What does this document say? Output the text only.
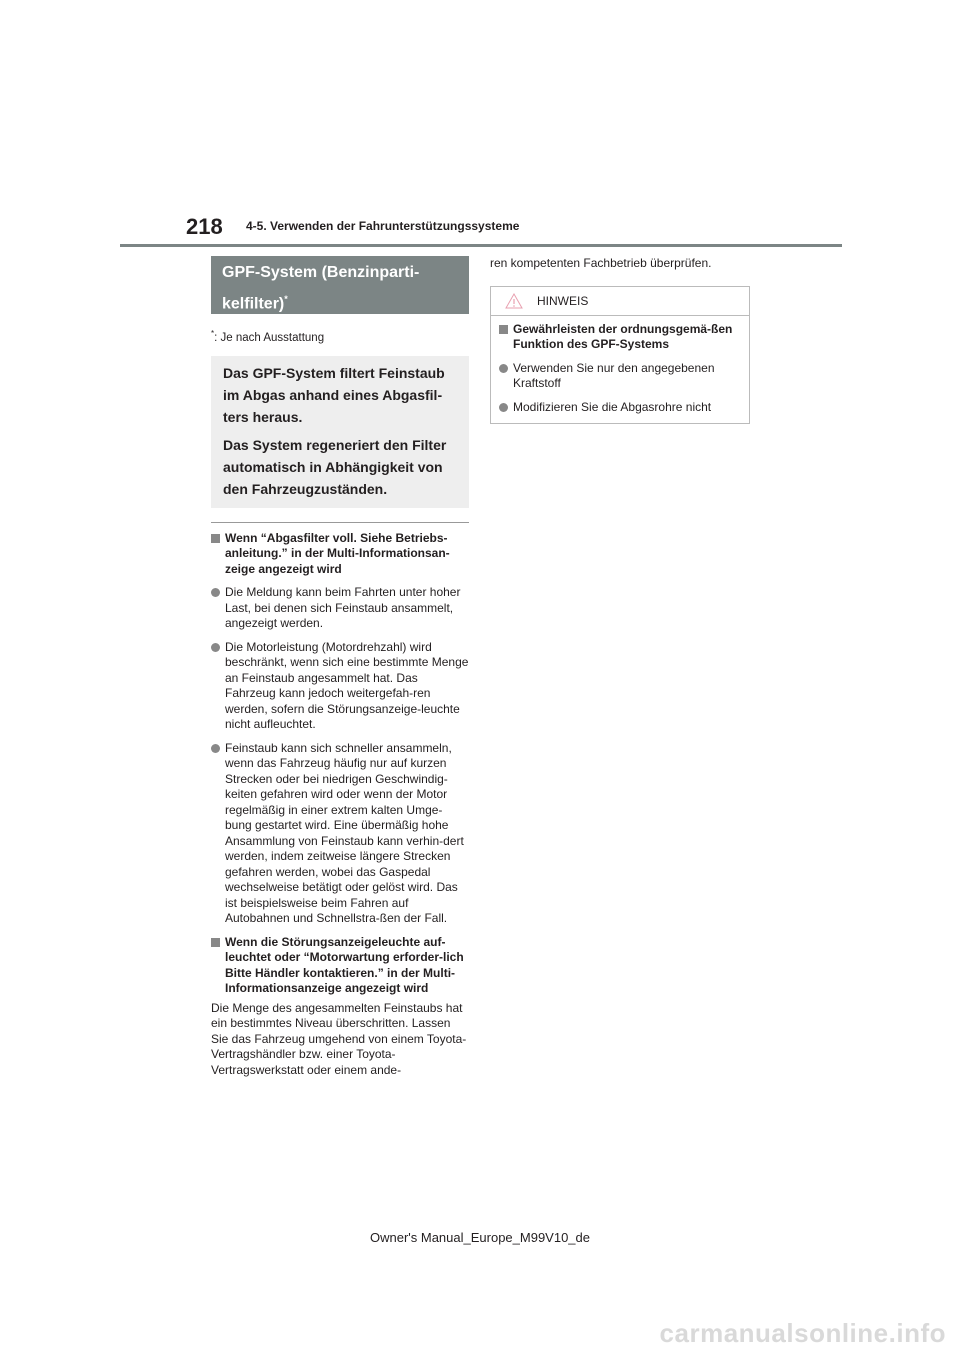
218 4-5. Verwenden der Fahrunterstützungssysteme
GPF-System (Benzinparti-
kelfilter)*
*: Je nach Ausstattung

Das GPF-System filtert Feinstaub im Abgas anhand eines Abgasfil-ters heraus.

Das System regeneriert den Filter automatisch in Abhängigkeit von den Fahrzeugzuständen.

Wenn “Abgasfilter voll. Siehe Betriebs-anleitung.” in der Multi-Informationsan-zeige angezeigt wird
Die Meldung kann beim Fahrten unter hoher Last, bei denen sich Feinstaub ansammelt, angezeigt werden.
Die Motorleistung (Motordrehzahl) wird beschränkt, wenn sich eine bestimmte Menge an Feinstaub angesammelt hat. Das Fahrzeug kann jedoch weitergefah-ren werden, sofern die Störungsanzeige-leuchte nicht aufleuchtet.
Feinstaub kann sich schneller ansammeln, wenn das Fahrzeug häufig nur auf kurzen Strecken oder bei niedrigen Geschwindig-keiten gefahren wird oder wenn der Motor regelmäßig in einer extrem kalten Umge-bung gestartet wird. Eine übermäßig hohe Ansammlung von Feinstaub kann verhin-dert werden, indem zeitweise längere Strecken gefahren werden, wobei das Gaspedal wechselweise betätigt oder gelöst wird. Das ist beispielsweise beim Fahren auf Autobahnen und Schnellstra-ßen der Fall.
Wenn die Störungsanzeigeleuchte auf-leuchtet oder “Motorwartung erforder-lich Bitte Händler kontaktieren.” in der Multi-Informationsanzeige angezeigt wird
Die Menge des angesammelten Feinstaubs hat ein bestimmtes Niveau überschritten. Lassen Sie das Fahrzeug umgehend von einem Toyota-Vertragshändler bzw. einer Toyota-Vertragswerkstatt oder einem ande-
ren kompetenten Fachbetrieb überprüfen.
HINWEIS
Gewährleisten der ordnungsgemä-ßen Funktion des GPF-Systems
Verwenden Sie nur den angegebenen Kraftstoff
Modifizieren Sie die Abgasrohre nicht
Owner's Manual_Europe_M99V10_de
carmanualsonline.info
